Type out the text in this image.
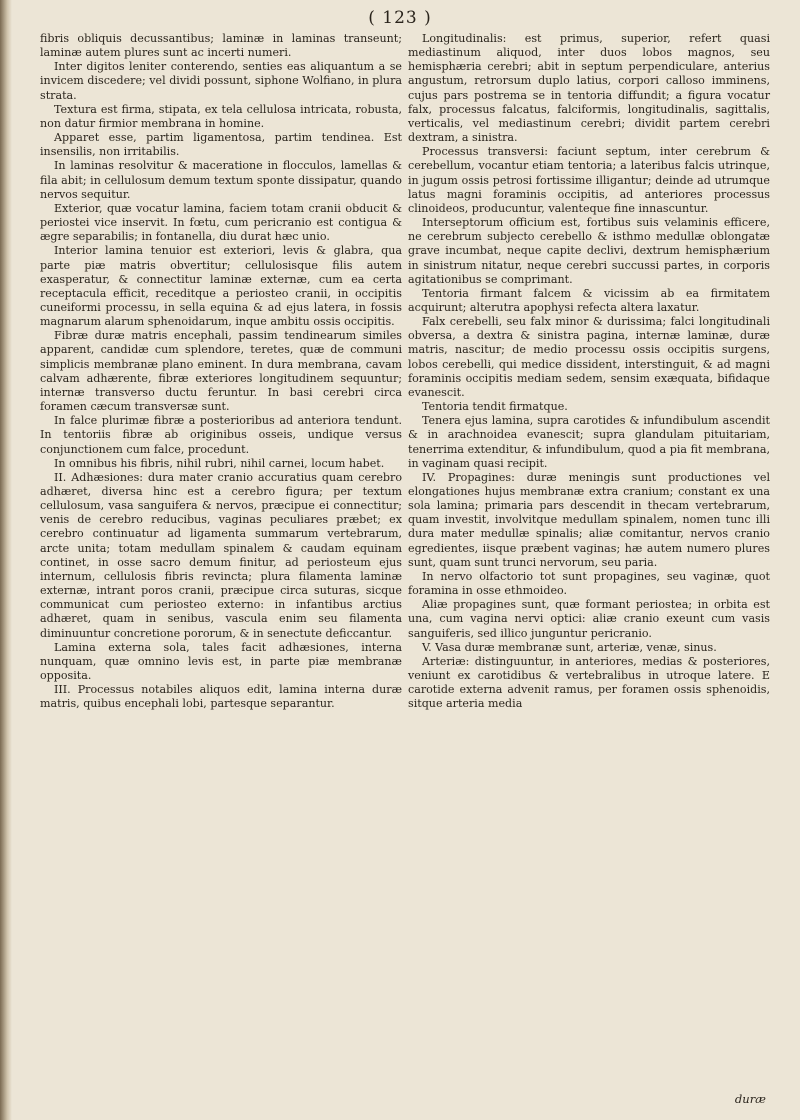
( 123 )

fibris obliquis decussantibus; laminæ in laminas transeunt; laminæ autem plures sunt ac incerti numeri.

Inter digitos leniter conterendo, senties eas aliquantum a se invicem discedere; vel dividi possunt, siphone Wolfiano, in plura strata.

Textura est firma, stipata, ex tela cellulosa intricata, robusta, non datur firmior membrana in homine.

Apparet esse, partim ligamentosa, partim tendinea. Est insensilis, non irritabilis.

In laminas resolvitur & maceratione in flocculos, lamellas & fila abit; in cellulosum demum textum sponte dissipatur, quando nervos sequitur.

Exterior, quæ vocatur lamina, faciem totam cranii obducit & periostei vice inservit. In fœtu, cum pericranio est contigua & ægre separabilis; in fontanella, diu durat hæc unio.

Interior lamina tenuior est exteriori, levis & glabra, qua parte piæ matris obvertitur; cellulosisque filis autem exasperatur, & connectitur laminæ externæ, cum ea certa receptacula efficit, receditque a periosteo cranii, in occipitis cuneiformi processu, in sella equina & ad ejus latera, in fossis magnarum alarum sphenoidarum, inque ambitu ossis occipitis.

Fibræ duræ matris encephali, passim tendinearum similes apparent, candidæ cum splendore, teretes, quæ de communi simplicis membranæ plano eminent. In dura membrana, cavam calvam adhærente, fibræ exteriores longitudinem sequuntur; internæ transverso ductu feruntur. In basi cerebri circa foramen cæcum transversæ sunt.

In falce plurimæ fibræ a posterioribus ad anteriora tendunt. In tentoriis fibræ ab originibus osseis, undique versus conjunctionem cum falce, procedunt.

In omnibus his fibris, nihil rubri, nihil carnei, locum habet.

II. Adhæsiones: dura mater cranio accuratius quam cerebro adhæret, diversa hinc est a cerebro figura; per textum cellulosum, vasa sanguifera & nervos, præcipue ei connectitur; venis de cerebro reducibus, vaginas peculiares præbet; ex cerebro continuatur ad ligamenta summarum vertebrarum, arcte unita; totam medullam spinalem & caudam equinam continet, in osse sacro demum finitur, ad periosteum ejus internum, cellulosis fibris revincta; plura filamenta laminæ externæ, intrant poros cranii, præcipue circa suturas, sicque communicat cum periosteo externo: in infantibus arctius adhæret, quam in senibus, vascula enim seu filamenta diminuuntur concretione pororum, & in senectute deficcantur.

Lamina externa sola, tales facit adhæsiones, interna nunquam, quæ omnino levis est, in parte piæ membranæ opposita.

III. Processus notabiles aliquos edit, lamina interna duræ matris, quibus encephali lobi, partesque separantur.

Longitudinalis: est primus, superior, refert quasi mediastinum aliquod, inter duos lobos magnos, seu hemisphæria cerebri; abit in septum perpendiculare, anterius angustum, retrorsum duplo latius, corpori calloso imminens, cujus pars postrema se in tentoria diffundit; a figura vocatur falx, processus falcatus, falciformis, longitudinalis, sagittalis, verticalis, vel mediastinum cerebri; dividit partem cerebri dextram, a sinistra.

Processus transversi: faciunt septum, inter cerebrum & cerebellum, vocantur etiam tentoria; a lateribus falcis utrinque, in jugum ossis petrosi fortissime illigantur; deinde ad utrumque latus magni foraminis occipitis, ad anteriores processus clinoideos, producuntur, valenteque fine innascuntur.

Interseptorum officium est, fortibus suis velaminis efficere, ne cerebrum subjecto cerebello & isthmo medullæ oblongatæ grave incumbat, neque capite declivi, dextrum hemisphærium in sinistrum nitatur, neque cerebri succussi partes, in corporis agitationibus se comprimant.

Tentoria firmant falcem & vicissim ab ea firmitatem acquirunt; alterutra apophysi refecta altera laxatur.

Falx cerebelli, seu falx minor & durissima; falci longitudinali obversa, a dextra & sinistra pagina, internæ laminæ, duræ matris, nascitur; de medio processu ossis occipitis surgens, lobos cerebelli, qui medice dissident, interstinguit, & ad magni foraminis occipitis mediam sedem, sensim exæquata, bifidaque evanescit.

Tentoria tendit firmatque.

Tenera ejus lamina, supra carotides & infundibulum ascendit & in arachnoidea evanescit; supra glandulam pituitariam, tenerrima extenditur, & infundibulum, quod a pia fit membrana, in vaginam quasi recipit.

IV. Propagines: duræ meningis sunt productiones vel elongationes hujus membranæ extra cranium; constant ex una sola lamina; primaria pars descendit in thecam vertebrarum, quam investit, involvitque medullam spinalem, nomen tunc illi dura mater medullæ spinalis; aliæ comitantur, nervos cranio egredientes, iisque præbent vaginas; hæ autem numero plures sunt, quam sunt trunci nervorum, seu paria.

In nervo olfactorio tot sunt propagines, seu vaginæ, quot foramina in osse ethmoideo.

Aliæ propagines sunt, quæ formant periostea; in orbita est una, cum vagina nervi optici: aliæ cranio exeunt cum vasis sanguiferis, sed illico junguntur pericranio.

V. Vasa duræ membranæ sunt, arteriæ, venæ, sinus.

Arteriæ: distinguuntur, in anteriores, medias & posteriores, veniunt ex carotidibus & vertebralibus in utroque latere. E carotide externa advenit ramus, per foramen ossis sphenoidis, sitque arteria media

duræ
